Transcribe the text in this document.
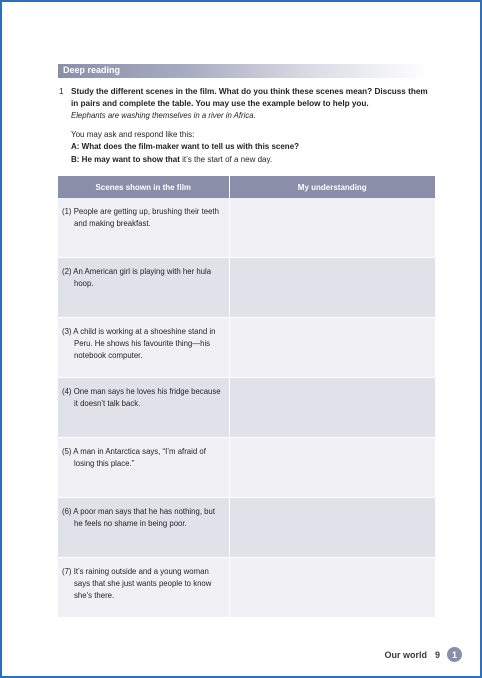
Deep reading
1 Study the different scenes in the film. What do you think these scenes mean? Discuss them in pairs and complete the table. You may use the example below to help you.
Elephants are washing themselves in a river in Africa.
You may ask and respond like this:
A: What does the film-maker want to tell us with this scene?
B: He may want to show that it’s the start of a new day.
Scenes shown in the film	My understanding

(1) People are getting up, brushing their teeth and making breakfast.	

(2) An American girl is playing with her hula hoop.	

(3) A child is working at a shoeshine stand in Peru. He shows his favourite thing—his notebook computer.	

(4) One man says he loves his fridge because it doesn’t talk back.	

(5) A man in Antarctica says, “I’m afraid of losing this place.”	

(6) A poor man says that he has nothing, but he feels no shame in being poor.	

(7) It’s raining outside and a young woman says that she just wants people to know she’s there.	

Our world 9	1
